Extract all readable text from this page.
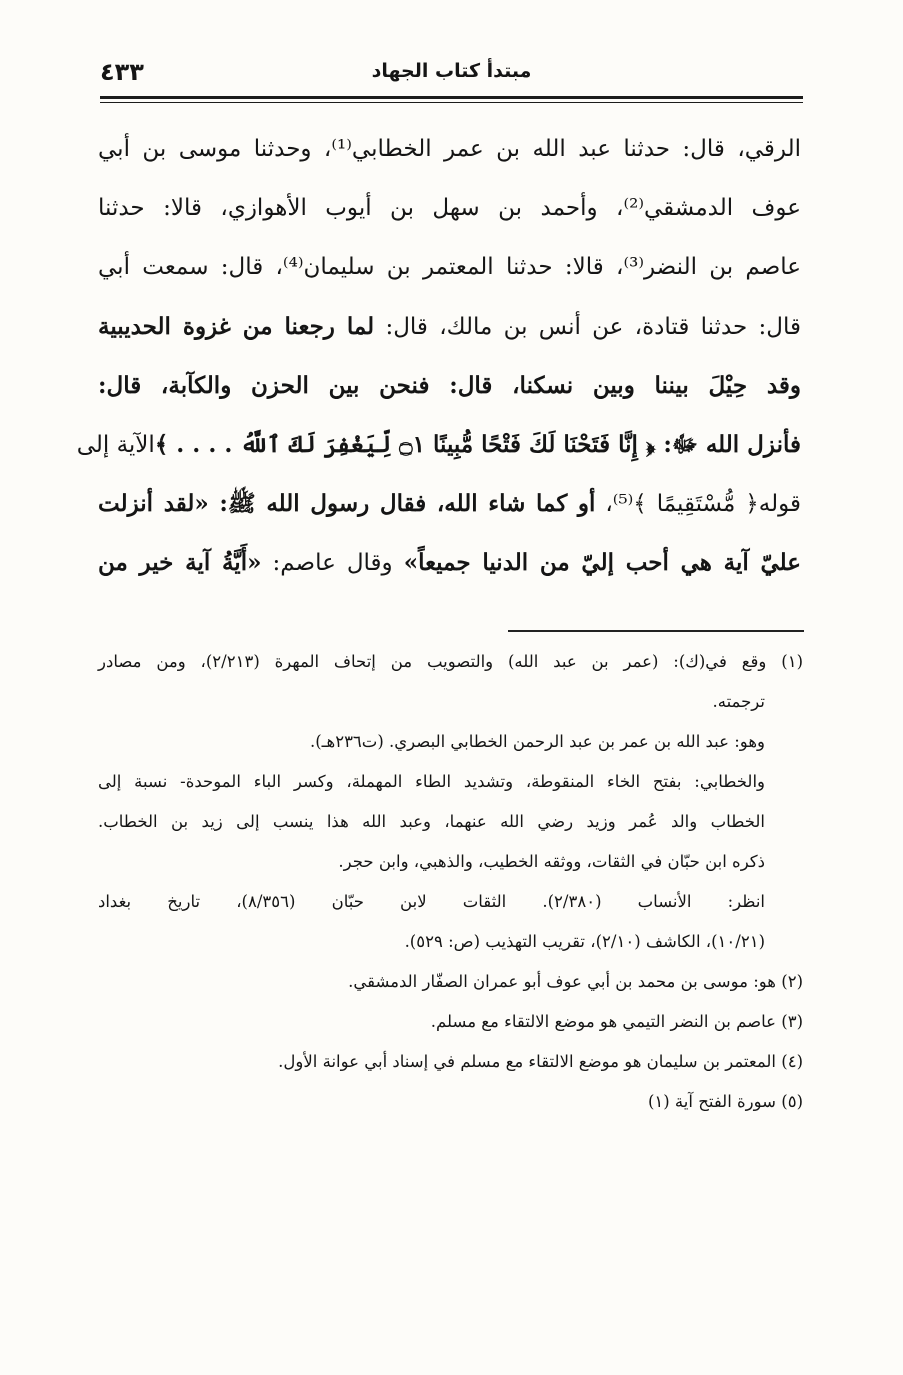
مبتدأ كتاب الجهاد
٤٣٣
الرقي، قال: حدثنا عبد الله بن عمر الخطابي⁽¹⁾، وحدثنا موسى بن أبي
عوف الدمشقي⁽²⁾، وأحمد بن سهل بن أيوب الأهوازي، قالا: حدثنا
عاصم بن النضر⁽³⁾، قالا: حدثنا المعتمر بن سليمان⁽⁴⁾، قال: سمعت أبي
قال: حدثنا قتادة، عن أنس بن مالك، قال: لما رجعنا من غزوة الحديبية
وقد حِيْلَ بيننا وبين نسكنا، قال: فنحن بين الحزن والكآبة، قال:
فأنزل الله ﷻ: ﴿ إِنَّا فَتَحْنَا لَكَ فَتْحًا مُّبِينًا ۝١ لِّيَغْفِرَ لَكَ ٱللَّهُ . . . . ﴾الآية إلى
قوله﴿ مُّسْتَقِيمًا ﴾⁽⁵⁾، أو كما شاء الله، فقال رسول الله ﷺ: «لقد أنزلت
عليّ آية هي أحب إليّ من الدنيا جميعاً» وقال عاصم: «أَيَّةُ آية خير من
(١) وقع في(ك): (عمر بن عبد الله) والتصويب من إتحاف المهرة (٢/٢١٣)، ومن مصادر
ترجمته.
وهو: عبد الله بن عمر بن عبد الرحمن الخطابي البصري. (ت٢٣٦هـ).
والخطابي: بفتح الخاء المنقوطة، وتشديد الطاء المهملة، وكسر الباء الموحدة- نسبة إلى
الخطاب والد عُمر وزيد رضي الله عنهما، وعبد الله هذا ينسب إلى زيد بن الخطاب.
ذكره ابن حبّان في الثقات، ووثقه الخطيب، والذهبي، وابن حجر.
انظر: الأنساب (٢/٣٨٠). الثقات لابن حبّان (٨/٣٥٦)، تاريخ بغداد
(١٠/٢١)، الكاشف (٢/١٠)، تقريب التهذيب (ص: ٥٢٩).
(٢) هو: موسى بن محمد بن أبي عوف أبو عمران الصفّار الدمشقي.
(٣) عاصم بن النضر التيمي هو موضع الالتقاء مع مسلم.
(٤) المعتمر بن سليمان هو موضع الالتقاء مع مسلم في إسناد أبي عوانة الأول.
(٥) سورة الفتح آية (١)
